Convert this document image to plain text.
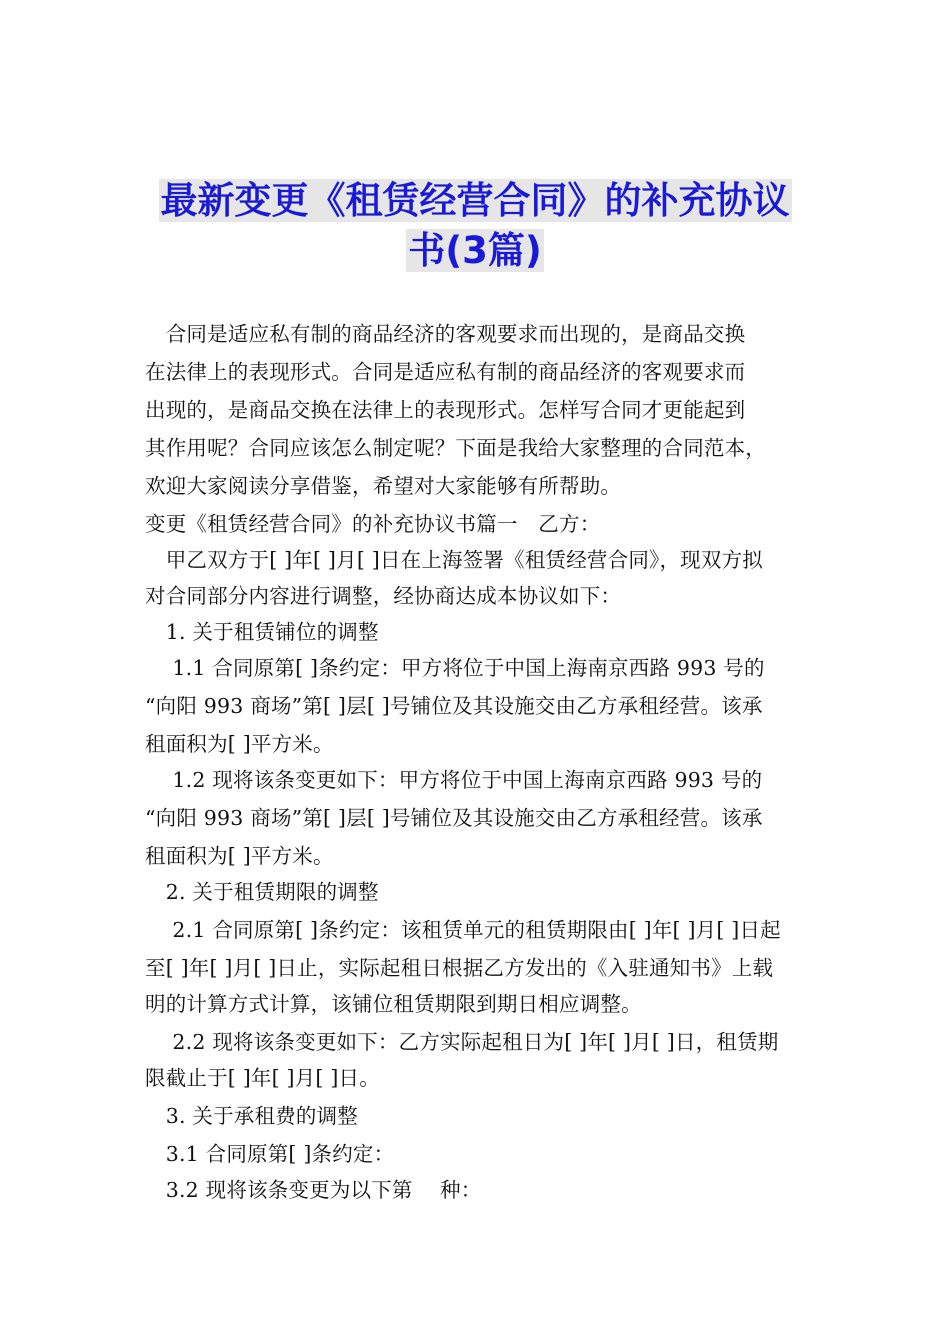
最新变更《租赁经营合同》的补充协议
书(3篇)
　合同是适应私有制的商品经济的客观要求而出现的，是商品交换
在法律上的表现形式。合同是适应私有制的商品经济的客观要求而
出现的，是商品交换在法律上的表现形式。怎样写合同才更能起到
其作用呢？合同应该怎么制定呢？下面是我给大家整理的合同范本，
欢迎大家阅读分享借鉴，希望对大家能够有所帮助。
变更《租赁经营合同》的补充协议书篇一　乙方：
　甲乙双方于[ ]年[ ]月[ ]日在上海签署《租赁经营合同》，现双方拟
对合同部分内容进行调整，经协商达成本协议如下：
　1. 关于租赁铺位的调整
　 1.1 合同原第[ ]条约定：甲方将位于中国上海南京西路 993 号的
“向阳 993 商场”第[ ]层[ ]号铺位及其设施交由乙方承租经营。该承
租面积为[ ]平方米。
　 1.2 现将该条变更如下：甲方将位于中国上海南京西路 993 号的
“向阳 993 商场”第[ ]层[ ]号铺位及其设施交由乙方承租经营。该承
租面积为[ ]平方米。
　2. 关于租赁期限的调整
　 2.1 合同原第[ ]条约定：该租赁单元的租赁期限由[ ]年[ ]月[ ]日起
至[ ]年[ ]月[ ]日止，实际起租日根据乙方发出的《入驻通知书》上载
明的计算方式计算，该铺位租赁期限到期日相应调整。
　 2.2 现将该条变更如下：乙方实际起租日为[ ]年[ ]月[ ]日，租赁期
限截止于[ ]年[ ]月[ ]日。
　3. 关于承租费的调整
　3.1 合同原第[ ]条约定：
　3.2 现将该条变更为以下第　 种：
